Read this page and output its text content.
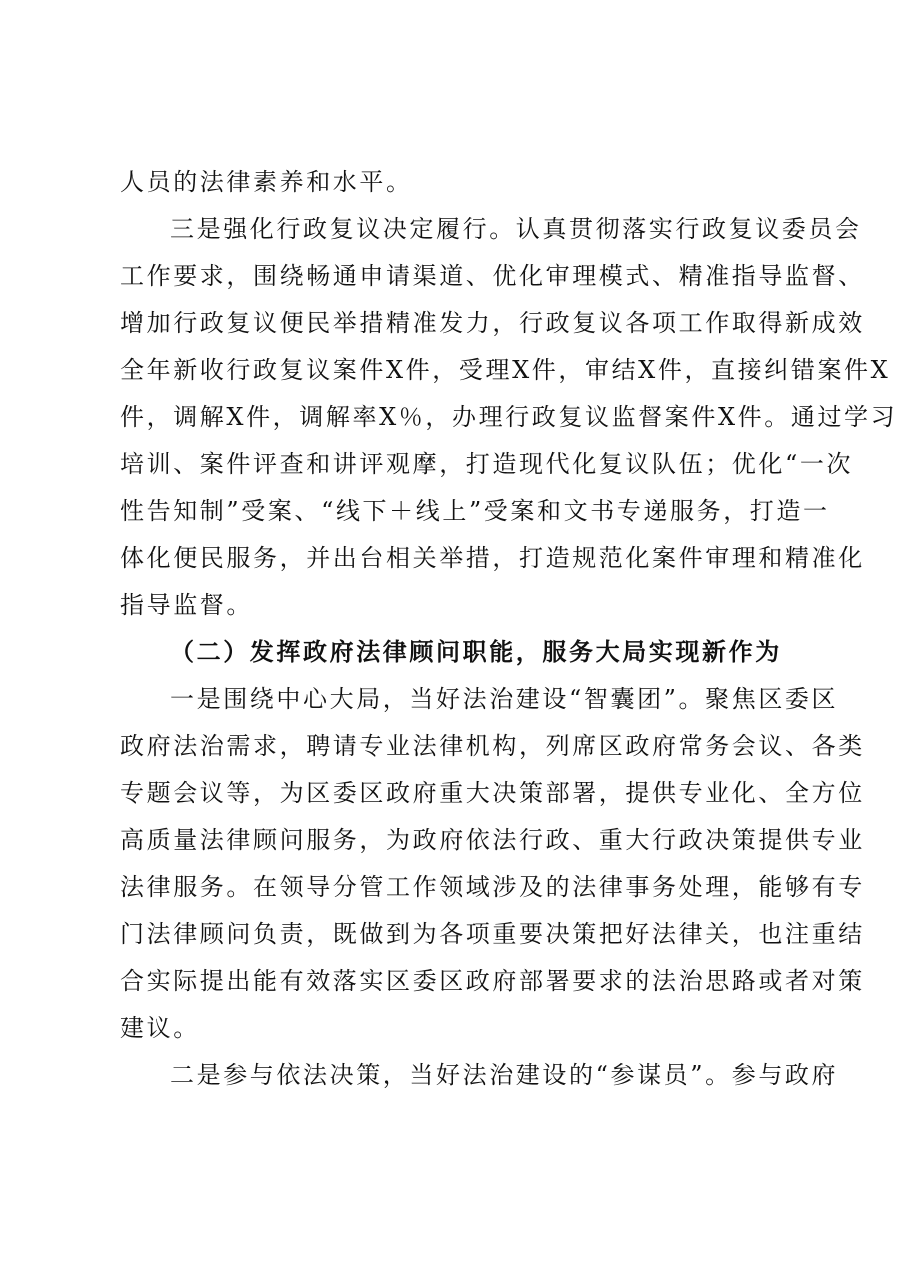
人员的法律素养和水平。
三是强化行政复议决定履行。认真贯彻落实行政复议委员会
工作要求，围绕畅通申请渠道、优化审理模式、精准指导监督、
增加行政复议便民举措精准发力，行政复议各项工作取得新成效
全年新收行政复议案件X件，受理X件，审结X件，直接纠错案件X
件，调解X件，调解率X％，办理行政复议监督案件X件。通过学习
培训、案件评查和讲评观摩，打造现代化复议队伍；优化“一次
性告知制”受案、“线下＋线上”受案和文书专递服务，打造一
体化便民服务，并出台相关举措，打造规范化案件审理和精准化
指导监督。
（二）发挥政府法律顾问职能，服务大局实现新作为
一是围绕中心大局，当好法治建设“智囊团”。聚焦区委区
政府法治需求，聘请专业法律机构，列席区政府常务会议、各类
专题会议等，为区委区政府重大决策部署，提供专业化、全方位
高质量法律顾问服务，为政府依法行政、重大行政决策提供专业
法律服务。在领导分管工作领域涉及的法律事务处理，能够有专
门法律顾问负责，既做到为各项重要决策把好法律关，也注重结
合实际提出能有效落实区委区政府部署要求的法治思路或者对策
建议。
二是参与依法决策，当好法治建设的“参谋员”。参与政府
